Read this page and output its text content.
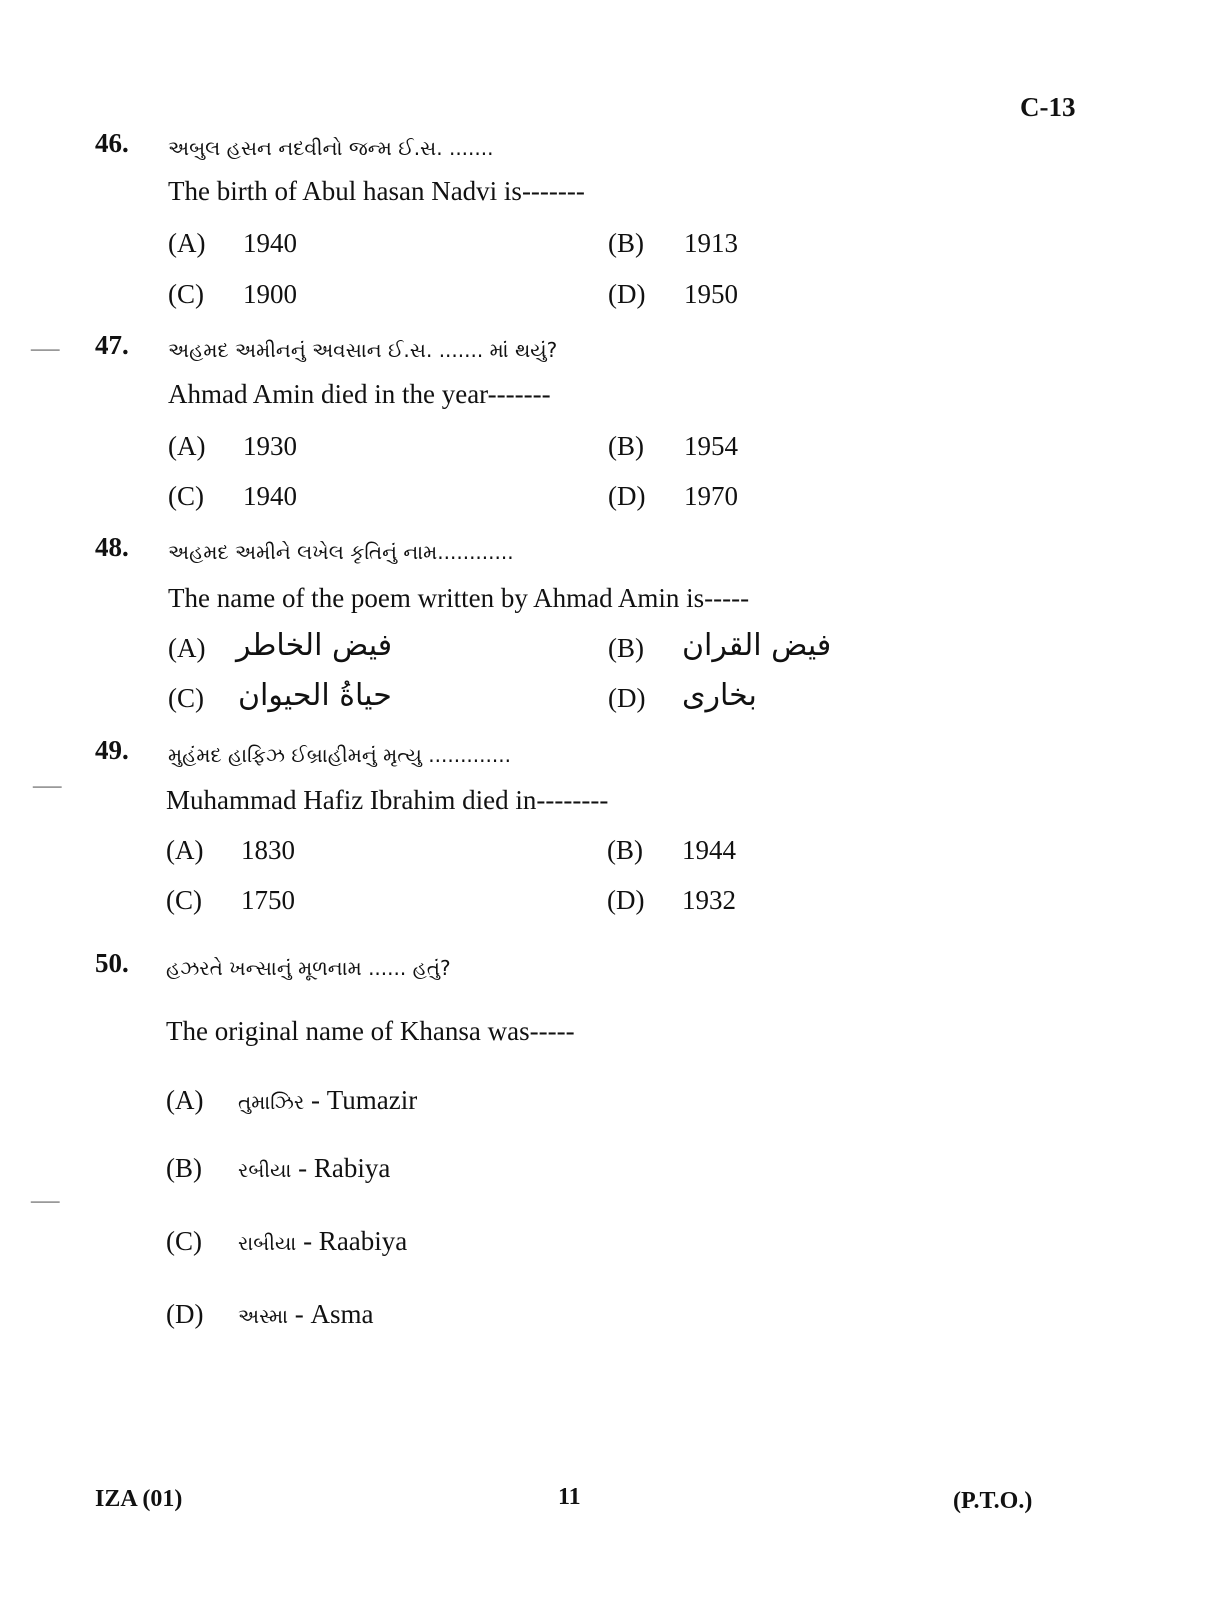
C-13
46. અબુલ હસન નદવીનો જન્મ ઈ.સ. .......
The birth of Abul hasan Nadvi is-------
(A) 1940	(B) 1913
(C) 1900	(D) 1950
⸺ 47. અહમદ અમીનનું અવસાન ઈ.સ. ....... માં થયું?
Ahmad Amin died in the year-------
(A) 1930	(B) 1954
(C) 1940	(D) 1970
48. અહમદ અમીને લખેલ કૃતિનું નામ............
The name of the poem written by Ahmad Amin is-----
(A) فيض الخاطر	(B) فيض القران
(C) حياةُ الحيوان	(D) بخارى
⸺
49. મુહંમદ હાફિઝ ઈબ્રાહીમનું મૃત્યુ .............
Muhammad Hafiz Ibrahim died in--------
(A) 1830	(B) 1944
(C) 1750	(D) 1932
50. હઝરતે ખન્સાનું મૂળનામ ...... હતું?
The original name of Khansa was-----
(A) તુમાઝિર - Tumazir
⸺
(B) રબીયા - Rabiya
(C) રાબીયા - Raabiya
(D) અસ્મા - Asma
IZA (01)	11	(P.T.O.)
